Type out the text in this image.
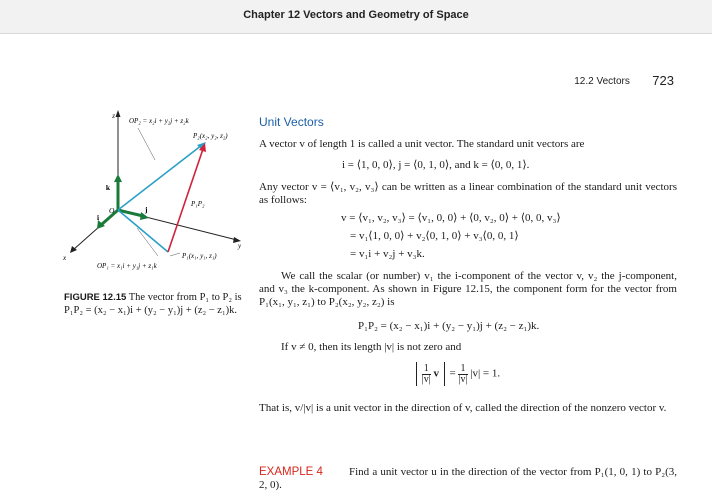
Chapter 12 Vectors and Geometry of Space
12.2 Vectors 723
z
y
x
k
j
i
O
OP₂ = x₂i + y₂j + z₂k
P₂(x₂, y₂, z₂)
P₁P₂
P₁(x₁, y₁, z₁)
OP₁ = x₁i + y₁j + z₁k
FIGURE 12.15 The vector from P₁ to P₂ is P₁P₂ = (x₂ − x₁)i + (y₂ − y₁)j + (z₂ − z₁)k.
Unit Vectors
A vector v of length 1 is called a unit vector. The standard unit vectors are
i = ⟨1, 0, 0⟩, j = ⟨0, 1, 0⟩, and k = ⟨0, 0, 1⟩.
Any vector v = ⟨v₁, v₂, v₃⟩ can be written as a linear combination of the standard unit vectors as follows:
v = ⟨v₁, v₂, v₃⟩ = ⟨v₁, 0, 0⟩ + ⟨0, v₂, 0⟩ + ⟨0, 0, v₃⟩
= v₁⟨1, 0, 0⟩ + v₂⟨0, 1, 0⟩ + v₃⟨0, 0, 1⟩
= v₁i + v₂j + v₃k.
We call the scalar (or number) v₁ the i-component of the vector v, v₂ the j-component, and v₃ the k-component. As shown in Figure 12.15, the component form for the vector from P₁(x₁, y₁, z₁) to P₂(x₂, y₂, z₂) is
P₁P₂ = (x₂ − x₁)i + (y₂ − y₁)j + (z₂ − z₁)k.
If v ≠ 0, then its length |v| is not zero and

$\frac{1}{|v|}$ $v = \frac{1}{|v|} |v| = 1$.
That is, v/|v| is a unit vector in the direction of v, called the direction of the nonzero vector v.
EXAMPLE 4	Find a unit vector u in the direction of the vector from P₁(1, 0, 1) to P₂(3, 2, 0).
